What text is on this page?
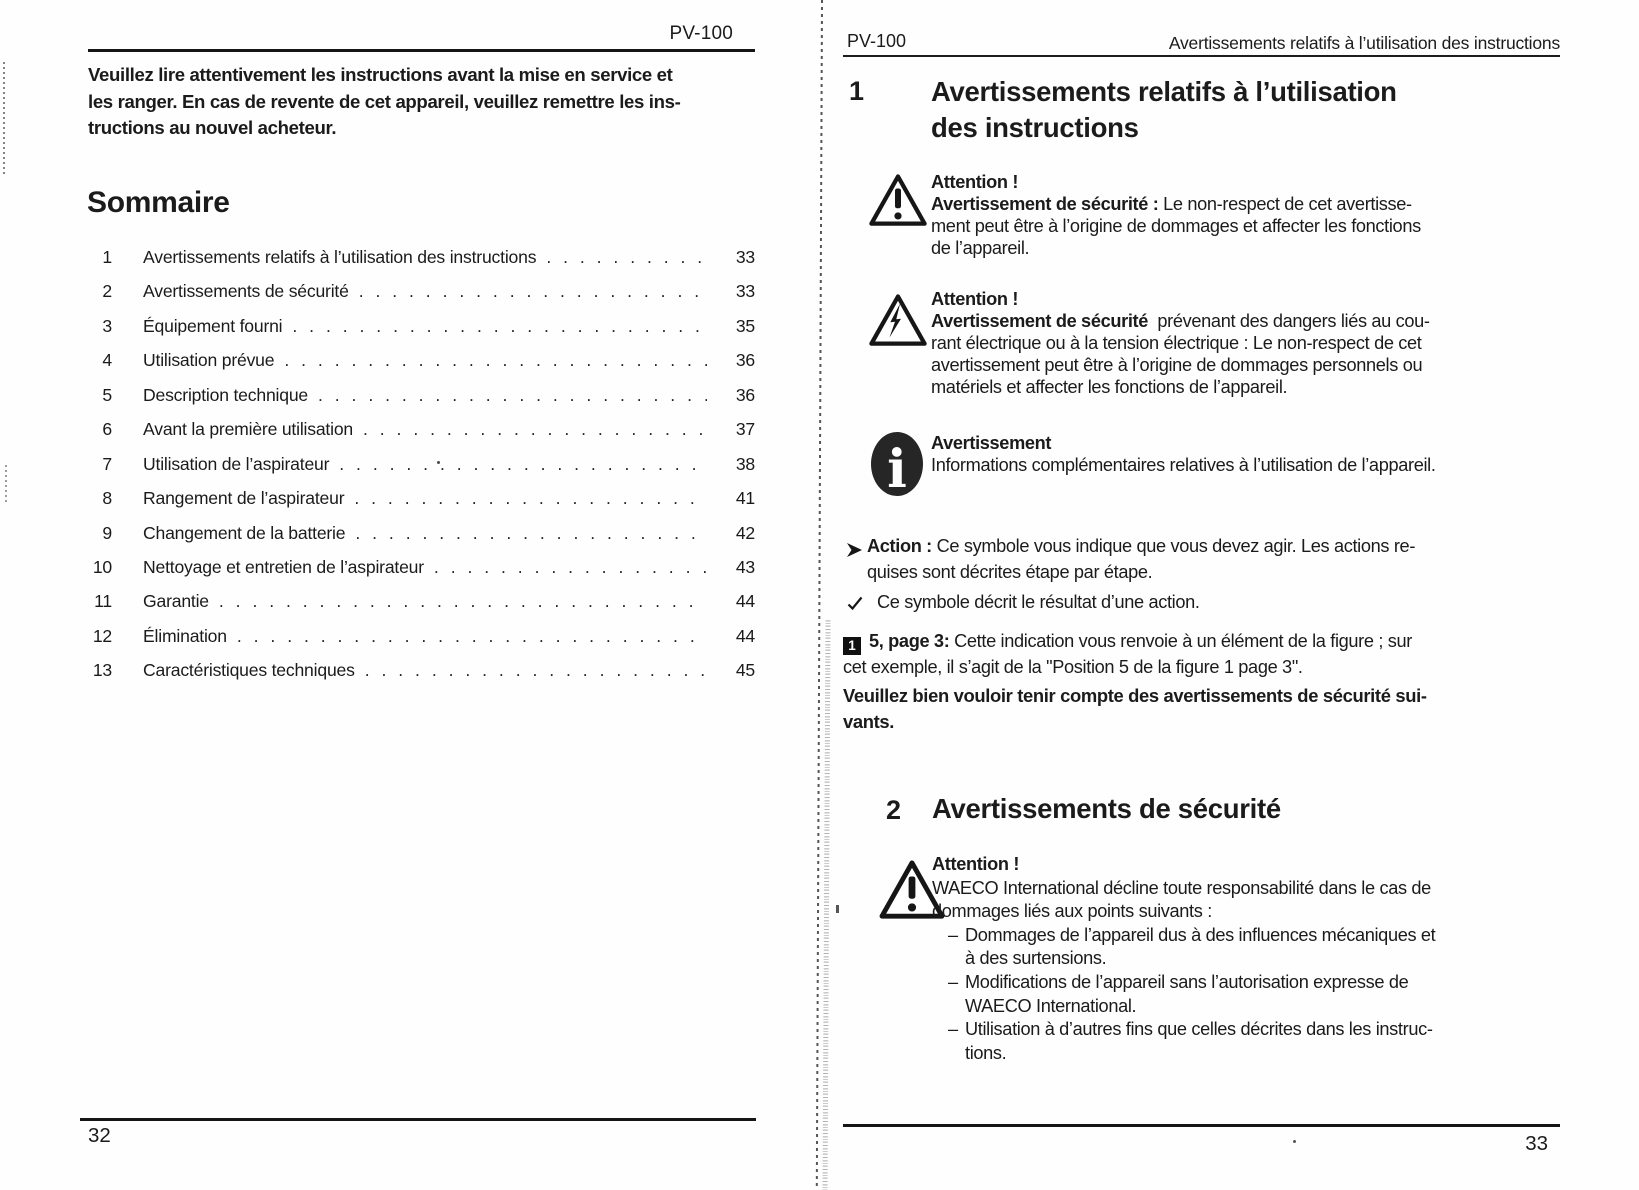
PV-100
Veuillez lire attentivement les instructions avant la mise en service et
les ranger. En cas de revente de cet appareil, veuillez remettre les ins-
tructions au nouvel acheteur.
Sommaire
1 Avertissements relatifs à l’utilisation des instructions . . .	33
2 Avertissements de sécurité . . .	33
3 Équipement fourni . . .	35
4 Utilisation prévue . . .	36
5 Description technique . . .	36
6 Avant la première utilisation . . .	37
7 Utilisation de l’aspirateur . . .	38
8 Rangement de l’aspirateur . . .	41
9 Changement de la batterie . . .	42
10 Nettoyage et entretien de l’aspirateur . . .	43
11 Garantie . . .	44
12 Élimination . . .	44
13 Caractéristiques techniques . . .	45
32
PV-100	Avertissements relatifs à l’utilisation des instructions
1 Avertissements relatifs à l’utilisation
des instructions
Attention !
Avertissement de sécurité : Le non-respect de cet avertisse-
ment peut être à l’origine de dommages et affecter les fonctions
de l’appareil.
Attention !
Avertissement de sécurité  prévenant des dangers liés au cou-
rant électrique ou à la tension électrique : Le non-respect de cet
avertissement peut être à l’origine de dommages personnels ou
matériels et affecter les fonctions de l’appareil.
i Avertissement
Informations complémentaires relatives à l’utilisation de l’appareil.
Action : Ce symbole vous indique que vous devez agir. Les actions re-
quises sont décrites étape par étape.
Ce symbole décrit le résultat d’une action.
1 5, page 3: Cette indication vous renvoie à un élément de la figure ; sur
cet exemple, il s’agit de la "Position 5 de la figure 1 page 3".
Veuillez bien vouloir tenir compte des avertissements de sécurité sui-
vants.
2 Avertissements de sécurité
Attention !
WAECO International décline toute responsabilité dans le cas de
dommages liés aux points suivants :
– Dommages de l’appareil dus à des influences mécaniques et
à des surtensions.
– Modifications de l’appareil sans l’autorisation expresse de
WAECO International.
– Utilisation à d’autres fins que celles décrites dans les instruc-
tions.
33
